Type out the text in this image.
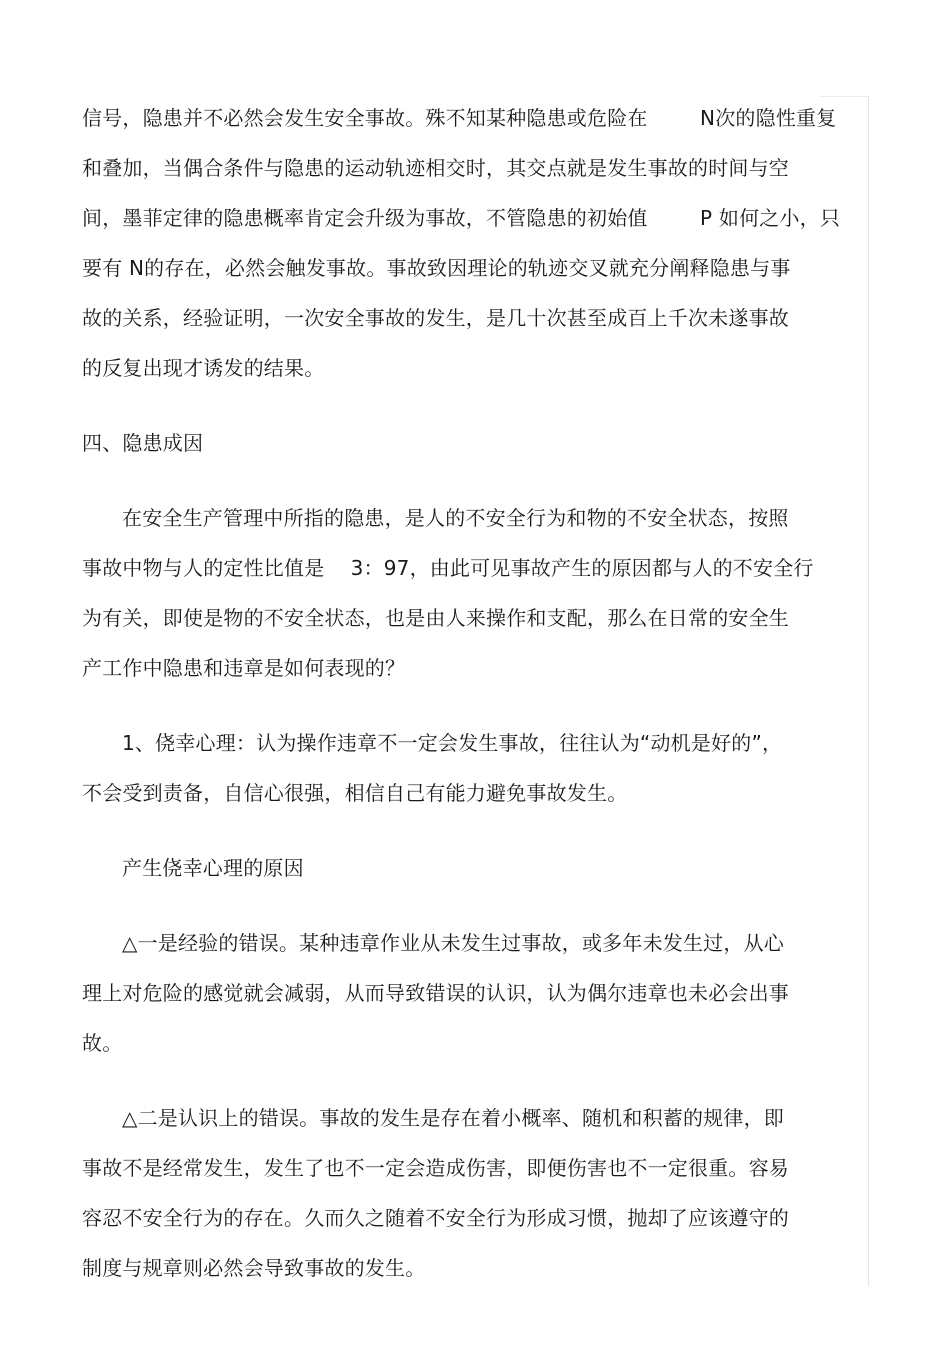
信号，隐患并不必然会发生安全事故。殊不知某种隐患或危险在        N次的隐性重复
和叠加，当偶合条件与隐患的运动轨迹相交时，其交点就是发生事故的时间与空
间，墨菲定律的隐患概率肯定会升级为事故，不管隐患的初始值        P 如何之小，只
要有 N的存在，必然会触发事故。事故致因理论的轨迹交叉就充分阐释隐患与事
故的关系，经验证明，一次安全事故的发生，是几十次甚至成百上千次未遂事故
的反复出现才诱发的结果。
四、隐患成因
在安全生产管理中所指的隐患，是人的不安全行为和物的不安全状态，按照
事故中物与人的定性比值是    3：97，由此可见事故产生的原因都与人的不安全行
为有关，即使是物的不安全状态，也是由人来操作和支配，那么在日常的安全生
产工作中隐患和违章是如何表现的？
1、侥幸心理：认为操作违章不一定会发生事故，往往认为“动机是好的”，
不会受到责备，自信心很强，相信自己有能力避免事故发生。
产生侥幸心理的原因
△一是经验的错误。某种违章作业从未发生过事故，或多年未发生过，从心
理上对危险的感觉就会减弱，从而导致错误的认识，认为偶尔违章也未必会出事
故。
△二是认识上的错误。事故的发生是存在着小概率、随机和积蓄的规律，即
事故不是经常发生，发生了也不一定会造成伤害，即便伤害也不一定很重。容易
容忍不安全行为的存在。久而久之随着不安全行为形成习惯，抛却了应该遵守的
制度与规章则必然会导致事故的发生。
